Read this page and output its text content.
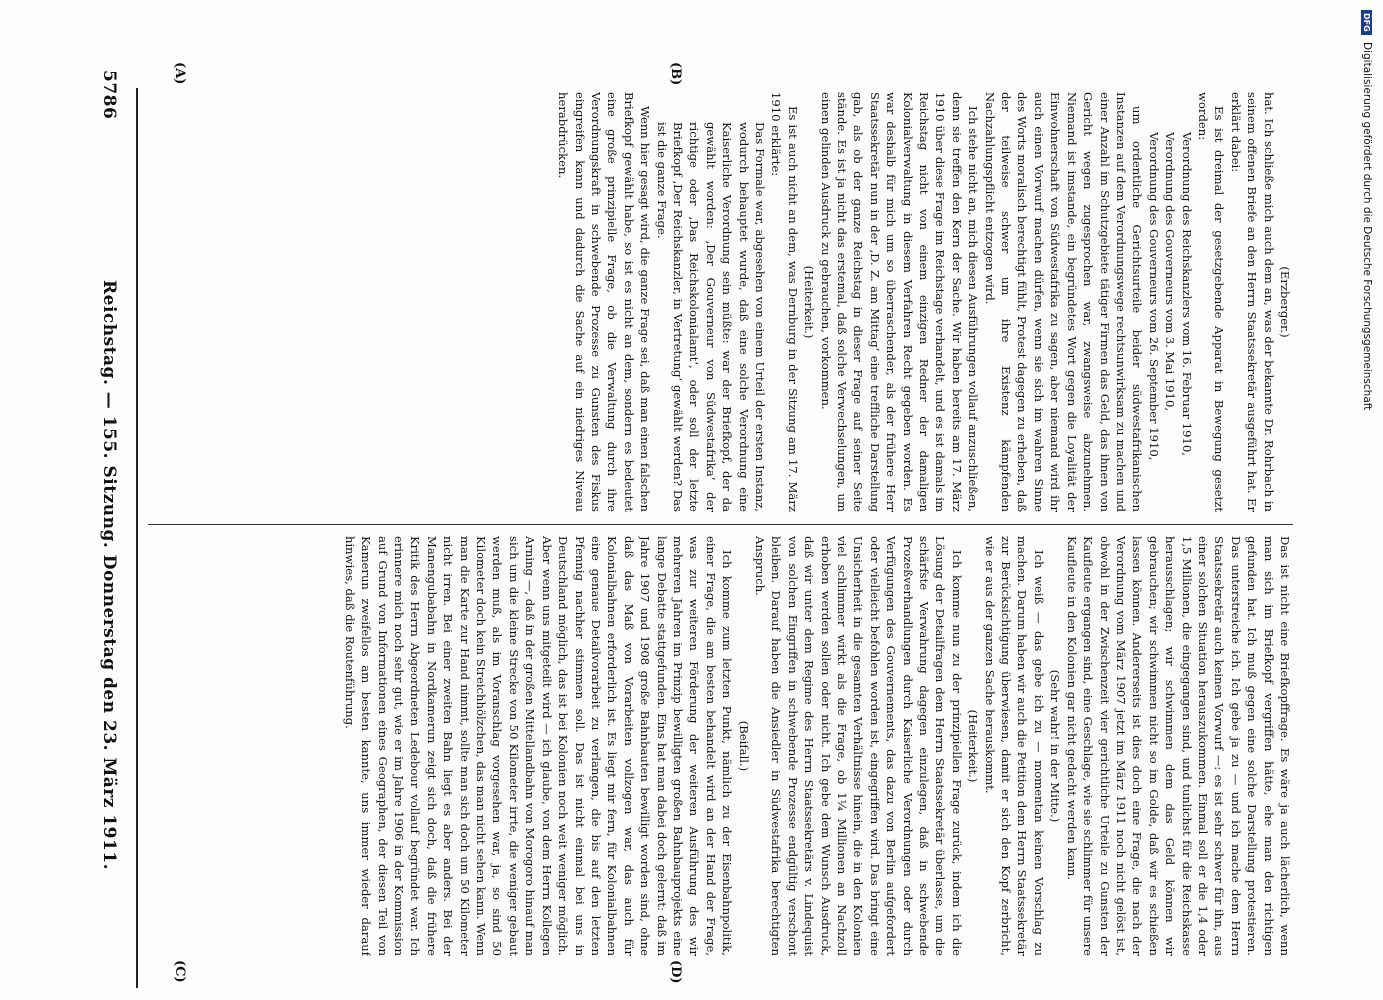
5786
Reichstag. — 155. Sitzung. Donnerstag den 23. März 1911.
(A)	(B)
(C)	(D)
(Erzberger.)

hat. Ich schließe mich auch dem an, was der bekannte Dr. Rohrbach in seinem offenen Briefe an den Herrn Staatssekretär ausgeführt hat. Er erklärt dabei:

Es ist dreimal der gesetzgebende Apparat in Bewegung gesetzt worden:

Verordnung des Reichskanzlers vom 16. Februar 1910,

Verordnung des Gouverneurs vom 3. Mai 1910,

Verordnung des Gouverneurs vom 26. September 1910,

um ordentliche Gerichtsurteile beider südwestafrikanischen Instanzen auf dem Verordnungswege rechtsunwirksam zu machen und einer Anzahl im Schutzgebiete tätiger Firmen das Geld, das ihnen von Gericht wegen zugesprochen war, zwangsweise abzunehmen. Niemand ist imstande, ein begründetes Wort gegen die Loyalität der Einwohnerschaft von Südwestafrika zu sagen, aber niemand wird ihr auch einen Vorwurf machen dürfen, wenn sie sich im wahren Sinne des Worts moralisch berechtigt fühlt, Protest dagegen zu erheben, daß der teilweise schwer um ihre Existenz kämpfenden Nachzahlungspflicht entzogen wird.

Ich stehe nicht an, mich diesen Ausführungen vollauf anzuschließen, denn sie treffen den Kern der Sache. Wir haben bereits am 17. März 1910 über diese Frage im Reichstage verhandelt, und es ist damals im Reichstag nicht von einem einzigen Redner der damaligen Kolonialverwaltung in diesem Verfahren Recht gegeben worden. Es war deshalb für mich um so überraschender, als der frühere Herr Staatssekretär nun in der ‚D. Z. am Mittag‘ eine treffliche Darstellung gab, als ob der ganze Reichstag in dieser Frage auf seiner Seite stände. Es ist ja nicht das erstemal, daß solche Verwechselungen, um einen gelinden Ausdruck zu gebrauchen, vorkommen.

(Heiterkeit.)

Es ist auch nicht an dem, was Dernburg in der Sitzung am 17. März 1910 erklärte:

Das Formale war, abgesehen von einem Urteil der ersten Instanz, wodurch behauptet wurde, daß eine solche Verordnung eine Kaiserliche Verordnung sein müßte: war der Briefkopf, der da gewählt worden: ‚Der Gouverneur von Südwestafrika‘ der richtige oder ‚Das Reichskolonialamt‘, oder soll der letzte Briefkopf ‚Der Reichskanzler, in Vertretung‘ gewählt werden? Das ist die ganze Frage.

Wenn hier gesagt wird, die ganze Frage sei, daß man einen falschen Briefkopf gewählt habe, so ist es nicht an dem, sondern es bedeutet eine große prinzipielle Frage, ob die Verwaltung durch ihre Verordnungskraft in schwebende Prozesse zu Gunsten des Fiskus eingreifen kann und dadurch die Sache auf ein niedriges Niveau herabdrücken.

Das ist nicht eine Briefkopffrage. Es wäre ja auch lächerlich, wenn man sich im Briefkopf vergriffen hätte, ehe man den richtigen gefunden hat. Ich muß gegen eine solche Darstellung protestieren. Das unterstreiche ich. Ich gebe ja zu — und ich mache dem Herrn Staatssekretär auch keinen Vorwurf —: es ist sehr schwer für ihn, aus einer solchen Situation herauszukommen. Einmal soll er die 1,4 oder 1,5 Millionen, die eingegangen sind, und tunlichst für die Reichskasse herausschlagen; wir schwimmen dem das Geld können wir gebrauchen; wir schwimmen nicht so im Golde, daß wir es schießen lassen können. Andererseits ist dies doch eine Frage, die nach der Verordnung vom März 1907 jetzt im März 1911 noch nicht gelöst ist, obwohl in der Zwischenzeit vier gerichtliche Urteile zu Gunsten der Kaufleute ergangen sind, eine Geschlage, wie sie schlimmer für unsere Kaufleute in den Kolonien gar nicht gedacht werden kann.

(Sehr wahr! in der Mitte.)

Ich weiß — das gebe ich zu — momentan keinen Vorschlag zu machen. Darum haben wir auch die Petition dem Herrn Staatssekretär zur Berücksichtigung überwiesen, damit er sich den Kopf zerbricht, wie er aus der ganzen Sache herauskommt.

(Heiterkeit.)

Ich komme nun zu der prinzipiellen Frage zurück, indem ich die Lösung der Detailfragen dem Herrn Staatssekretär überlasse, um die schärfste Verwahrung dagegen einzulegen, daß in schwebende Prozeßverhandlungen durch Kaiserliche Verordnungen oder durch Verfügungen des Gouvernements, das dazu von Berlin aufgefordert oder vielleicht befohlen worden ist, eingegriffen wird. Das bringt eine Unsicherheit in die gesamten Verhältnisse hinein, die in den Kolonien viel schlimmer wirkt als die Frage, ob 1¼ Millionen an Nachzoll erhoben werden sollen oder nicht. Ich gebe dem Wunsch Ausdruck, daß wir unter dem Regime des Herrn Staatssekretärs v. Lindequist von solchen Eingriffen in schwebende Prozesse endgültig verschont bleiben. Darauf haben die Ansiedler in Südwestafrika berechtigten Anspruch.

(Beifall.)

Ich komme zum letzten Punkt, nämlich zu der Eisenbahnpolitik, einer Frage, die am besten behandelt wird an der Hand der Frage, was zur weiteren Förderung der weiteren Ausführung des wir mehreren Jahren im Prinzip bewilligten großen Bahnbauprojekts eine lange Debatte stattgefunden. Eins hat man dabei doch gelernt: daß im Jahre 1907 und 1908 große Bahnbauten bewilligt worden sind, ohne daß das Maß von Vorarbeiten vollzogen war, das auch für Kolonialbahnen erforderlich ist. Es liegt mir fern, für Kolonialbahnen eine genaue Detailvorarbeit zu verlangen, die bis auf den letzten Pfennig nachher stimmen soll. Das ist nicht einmal bei uns in Deutschland möglich, das ist bei Kolonien noch weit weniger möglich. Aber wenn uns mitgeteilt wird — ich glaube, von dem Herrn Kollegen Arning —, daß in der großen Mittellandbahn von Morogoro hinauf man sich um die kleine Strecke von 50 Kilometer irrte, die weniger gebaut werden muß, als im Voranschlag vorgesehen war, ja, so sind 50 Kilometer doch kein Streichhölzchen, das man nicht sehen kann. Wenn man die Karte zur Hand nimmt, sollte man sich doch um 50 Kilometer nicht irren. Bei einer zweiten Bahn liegt es aber anders. Bei der Manengubabahn in Nordkamerun zeigt sich doch, daß die frühere Kritik des Herrn Abgeordneten Ledebour vollauf begründet war. Ich erinnere mich noch sehr gut, wie er im Jahre 1906 in der Kommission auf Grund von Informationen eines Geographen, der diesen Teil von Kamerun zweifellos am besten kannte, uns immer wieder darauf hinwies, daß die Routenführung.

DFG Digitalisierung gefördert durch die Deutsche Forschungsgemeinschaft
